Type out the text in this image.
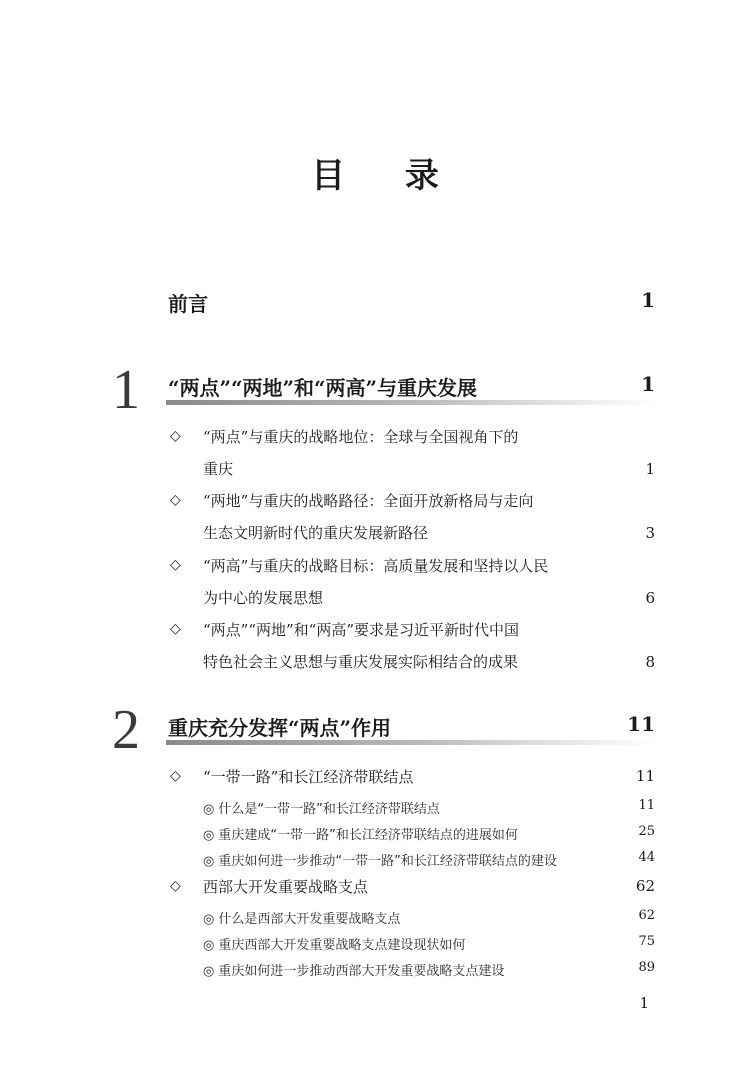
目 录
前言	1
1 “两点”“两地”和“两高”与重庆发展	1
◇ “两点”与重庆的战略地位：全球与全国视角下的
重庆	1
◇ “两地”与重庆的战略路径：全面开放新格局与走向
生态文明新时代的重庆发展新路径	3
◇ “两高”与重庆的战略目标：高质量发展和坚持以人民
为中心的发展思想	6
◇ “两点”“两地”和“两高”要求是习近平新时代中国
特色社会主义思想与重庆发展实际相结合的成果	8
2 重庆充分发挥“两点”作用	11
◇ “一带一路”和长江经济带联结点	11
◎ 什么是“一带一路”和长江经济带联结点	11
◎ 重庆建成“一带一路”和长江经济带联结点的进展如何	25
◎ 重庆如何进一步推动“一带一路”和长江经济带联结点的建设	44
◇ 西部大开发重要战略支点	62
◎ 什么是西部大开发重要战略支点	62
◎ 重庆西部大开发重要战略支点建设现状如何	75
◎ 重庆如何进一步推动西部大开发重要战略支点建设	89
1
